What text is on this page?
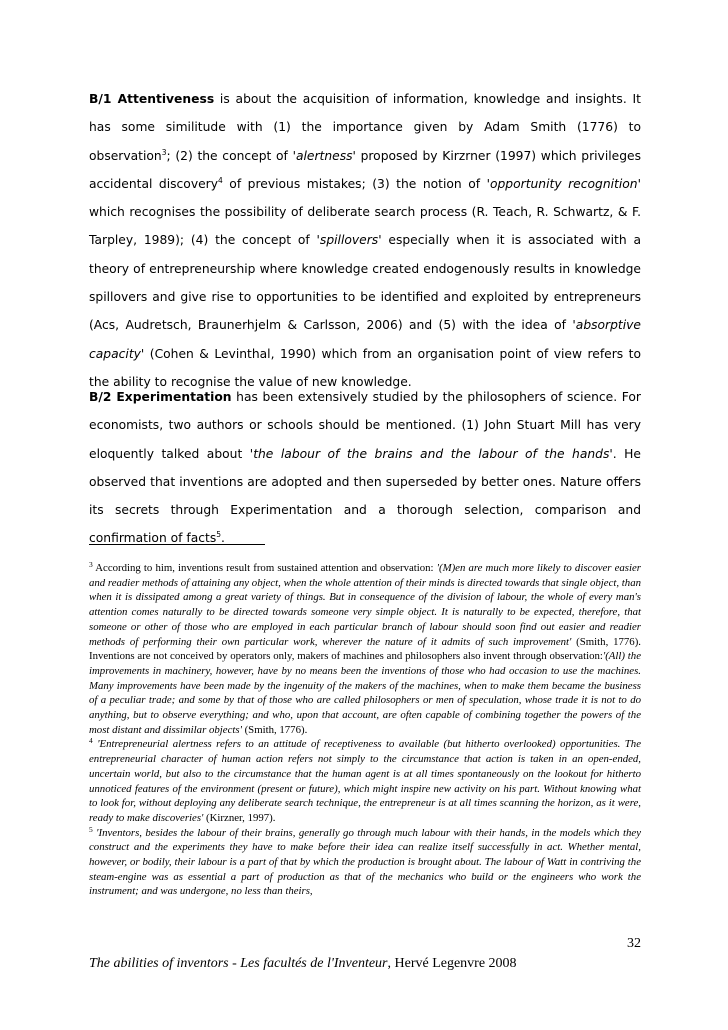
B/1 Attentiveness is about the acquisition of information, knowledge and insights. It has some similitude with (1) the importance given by Adam Smith (1776) to observation$^3$; (2) the concept of 'alertness' proposed by Kirzrner (1997) which privileges accidental discovery$^4$ of previous mistakes; (3) the notion of 'opportunity recognition' which recognises the possibility of deliberate search process (R. Teach, R. Schwartz, & F. Tarpley, 1989); (4) the concept of 'spillovers' especially when it is associated with a theory of entrepreneurship where knowledge created endogenously results in knowledge spillovers and give rise to opportunities to be identified and exploited by entrepreneurs (Acs, Audretsch, Braunerhjelm & Carlsson, 2006) and (5) with the idea of 'absorptive capacity' (Cohen & Levinthal, 1990) which from an organisation point of view refers to the ability to recognise the value of new knowledge.

B/2 Experimentation has been extensively studied by the philosophers of science. For economists, two authors or schools should be mentioned. (1) John Stuart Mill has very eloquently talked about 'the labour of the brains and the labour of the hands'. He observed that inventions are adopted and then superseded by better ones. Nature offers its secrets through Experimentation and a thorough selection, comparison and confirmation of facts$^5$.

$^3$ According to him, inventions result from sustained attention and observation: '(M)en are much more likely to discover easier and readier methods of attaining any object, when the whole attention of their minds is directed towards that single object, than when it is dissipated among a great variety of things. But in consequence of the division of labour, the whole of every man's attention comes naturally to be directed towards someone very simple object. It is naturally to be expected, therefore, that someone or other of those who are employed in each particular branch of labour should soon find out easier and readier methods of performing their own particular work, wherever the nature of it admits of such improvement' (Smith, 1776). Inventions are not conceived by operators only, makers of machines and philosophers also invent through observation:'(All) the improvements in machinery, however, have by no means been the inventions of those who had occasion to use the machines. Many improvements have been made by the ingenuity of the makers of the machines, when to make them became the business of a peculiar trade; and some by that of those who are called philosophers or men of speculation, whose trade it is not to do anything, but to observe everything; and who, upon that account, are often capable of combining together the powers of the most distant and dissimilar objects' (Smith, 1776).

$^4$ 'Entrepreneurial alertness refers to an attitude of receptiveness to available (but hitherto overlooked) opportunities. The entrepreneurial character of human action refers not simply to the circumstance that action is taken in an open-ended, uncertain world, but also to the circumstance that the human agent is at all times spontaneously on the lookout for hitherto unnoticed features of the environment (present or future), which might inspire new activity on his part. Without knowing what to look for, without deploying any deliberate search technique, the entrepreneur is at all times scanning the horizon, as it were, ready to make discoveries' (Kirzner, 1997).

$^5$ 'Inventors, besides the labour of their brains, generally go through much labour with their hands, in the models which they construct and the experiments they have to make before their idea can realize itself successfully in act. Whether mental, however, or bodily, their labour is a part of that by which the production is brought about. The labour of Watt in contriving the steam-engine was as essential a part of production as that of the mechanics who build or the engineers who work the instrument; and was undergone, no less than theirs,

32
The abilities of inventors - Les facultés de l'Inventeur, Hervé Legenvre 2008
